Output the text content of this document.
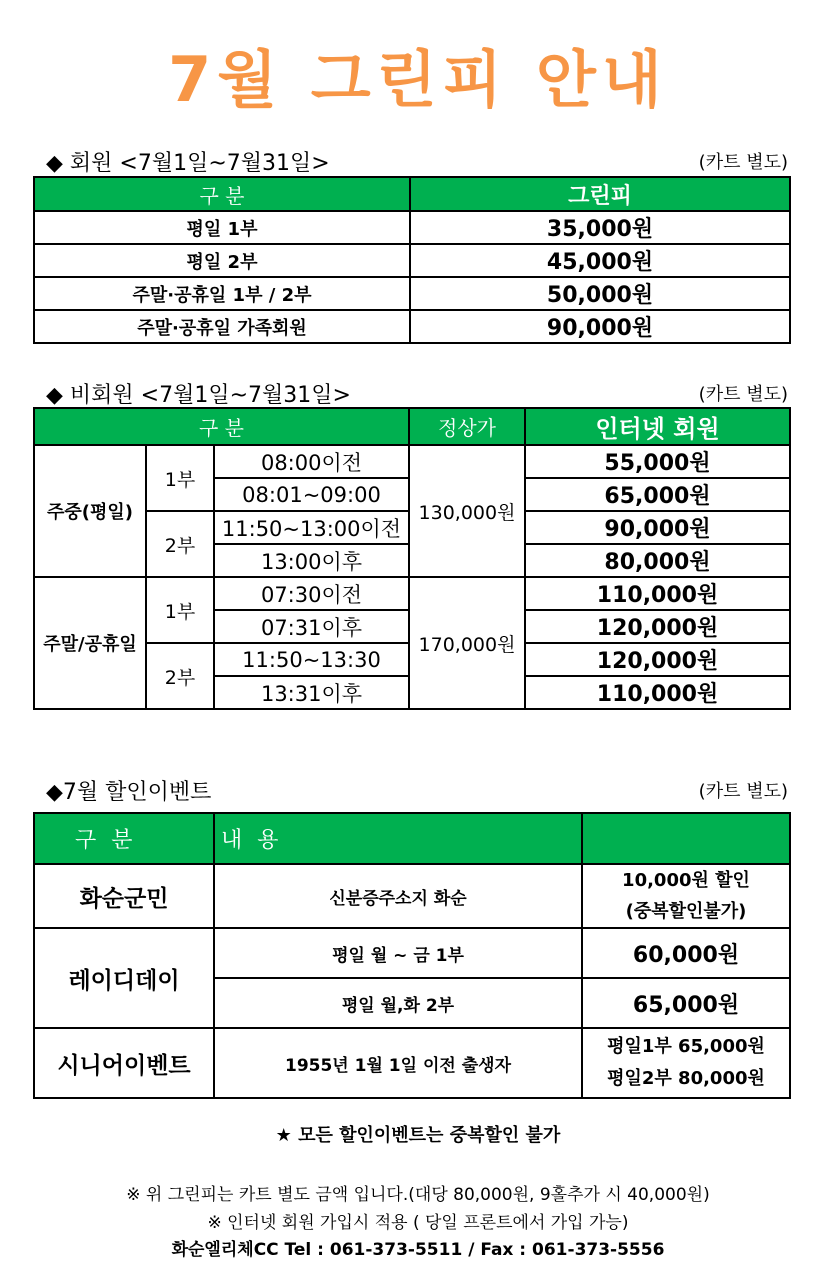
7월 그린피 안내
◆ 회원 <7월1일~7월31일>	(카트 별도)
구 분	그린피
평일 1부	35,000원
평일 2부	45,000원
주말·공휴일 1부 / 2부	50,000원
주말·공휴일 가족회원	90,000원
◆ 비회원 <7월1일~7월31일>	(카트 별도)
구 분			정상가	인터넷 회원
주중(평일)	1부	08:00이전	130,000원	55,000원
		08:01~09:00		65,000원
	2부	11:50~13:00이전		90,000원
		13:00이후		80,000원
주말/공휴일	1부	07:30이전	170,000원	110,000원
		07:31이후		120,000원
	2부	11:50~13:30		120,000원
		13:31이후		110,000원
◆7월 할인이벤트	(카트 별도)
구 분	내 용	
화순군민	신분증주소지 화순	10,000원 할인
(중복할인불가)

레이디데이	평일 월 ~ 금 1부	60,000원
	평일 월,화 2부	65,000원
시니어이벤트	1955년 1월 1일 이전 출생자	평일1부 65,000원
평일2부 80,000원
★ 모든 할인이벤트는 중복할인 불가
※ 위 그린피는 카트 별도 금액 입니다.(대당 80,000원, 9홀추가 시 40,000원)
※ 인터넷 회원 가입시 적용 ( 당일 프론트에서 가입 가능)
화순엘리체CC Tel : 061-373-5511 / Fax : 061-373-5556
